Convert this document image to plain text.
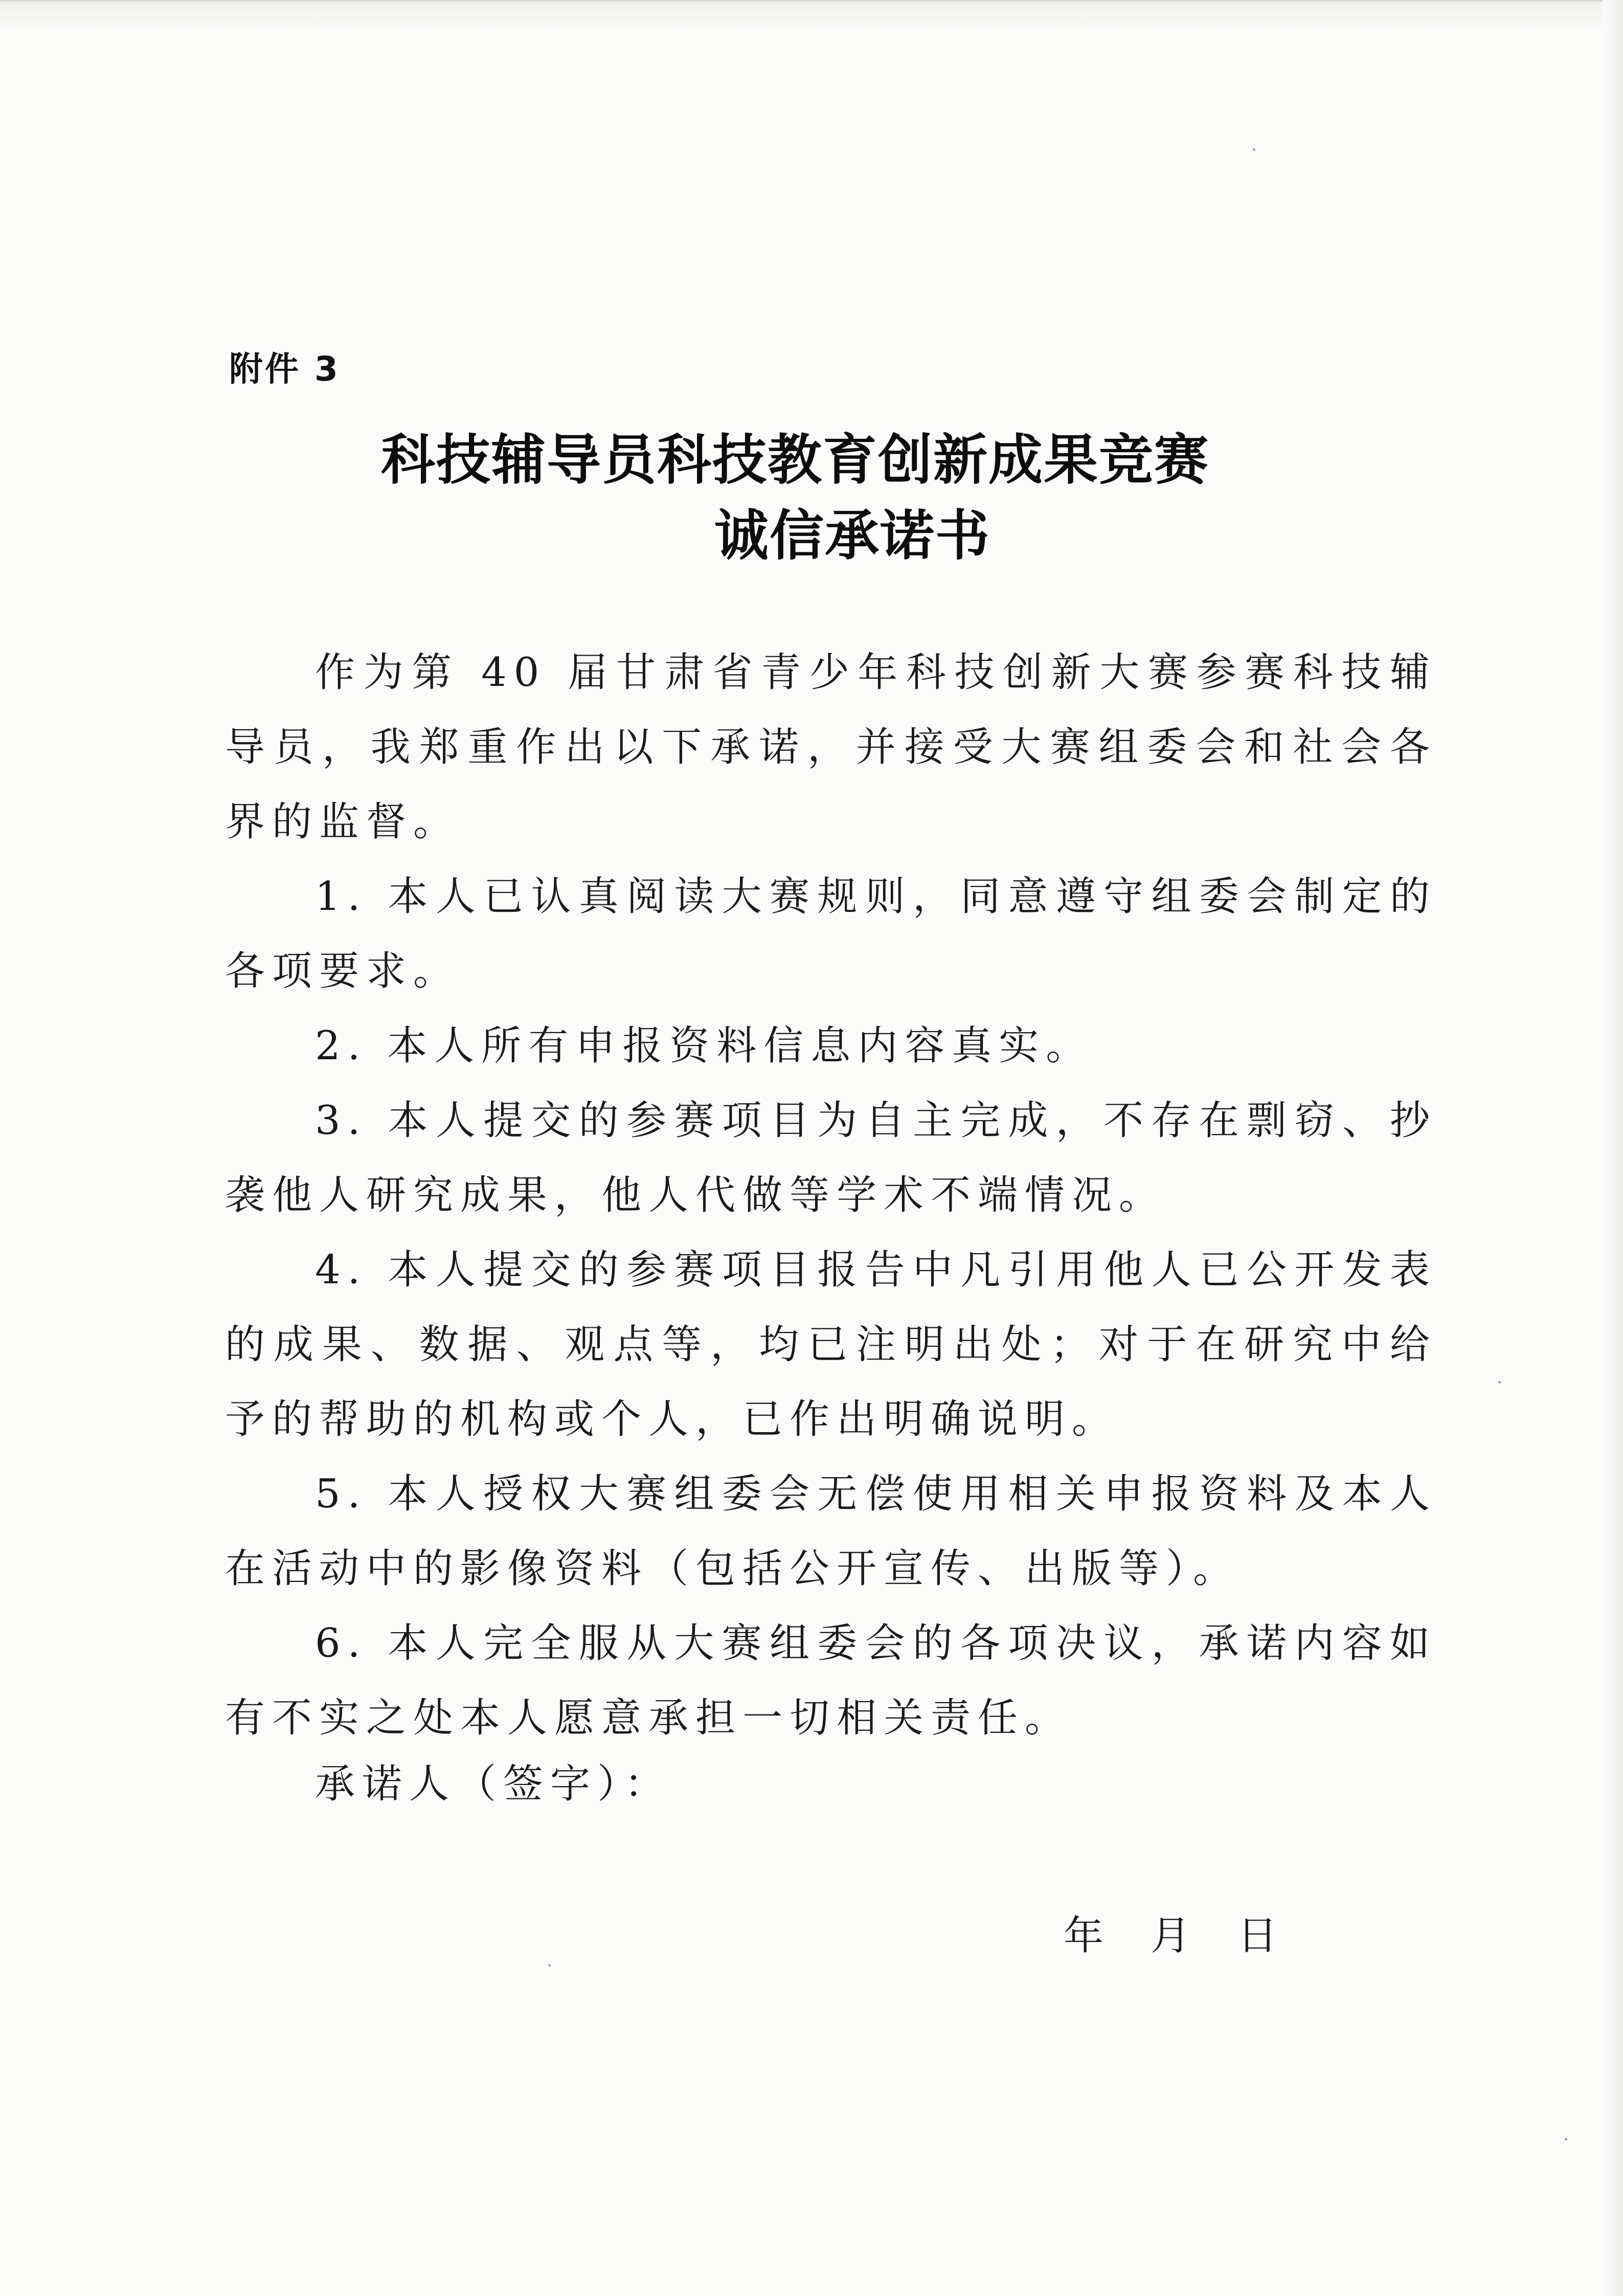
附件 3
科技辅导员科技教育创新成果竞赛
诚信承诺书

作为第 40 届甘肃省青少年科技创新大赛参赛科技辅导员，我郑重作出以下承诺，并接受大赛组委会和社会各界的监督。

1. 本人已认真阅读大赛规则，同意遵守组委会制定的各项要求。

2. 本人所有申报资料信息内容真实。

3. 本人提交的参赛项目为自主完成，不存在剽窃、抄袭他人研究成果，他人代做等学术不端情况。

4. 本人提交的参赛项目报告中凡引用他人已公开发表的成果、数据、观点等，均已注明出处；对于在研究中给予的帮助的机构或个人，已作出明确说明。

5. 本人授权大赛组委会无偿使用相关申报资料及本人在活动中的影像资料（包括公开宣传、出版等）。

6. 本人完全服从大赛组委会的各项决议，承诺内容如有不实之处本人愿意承担一切相关责任。

承诺人（签字）：
年 月 日
